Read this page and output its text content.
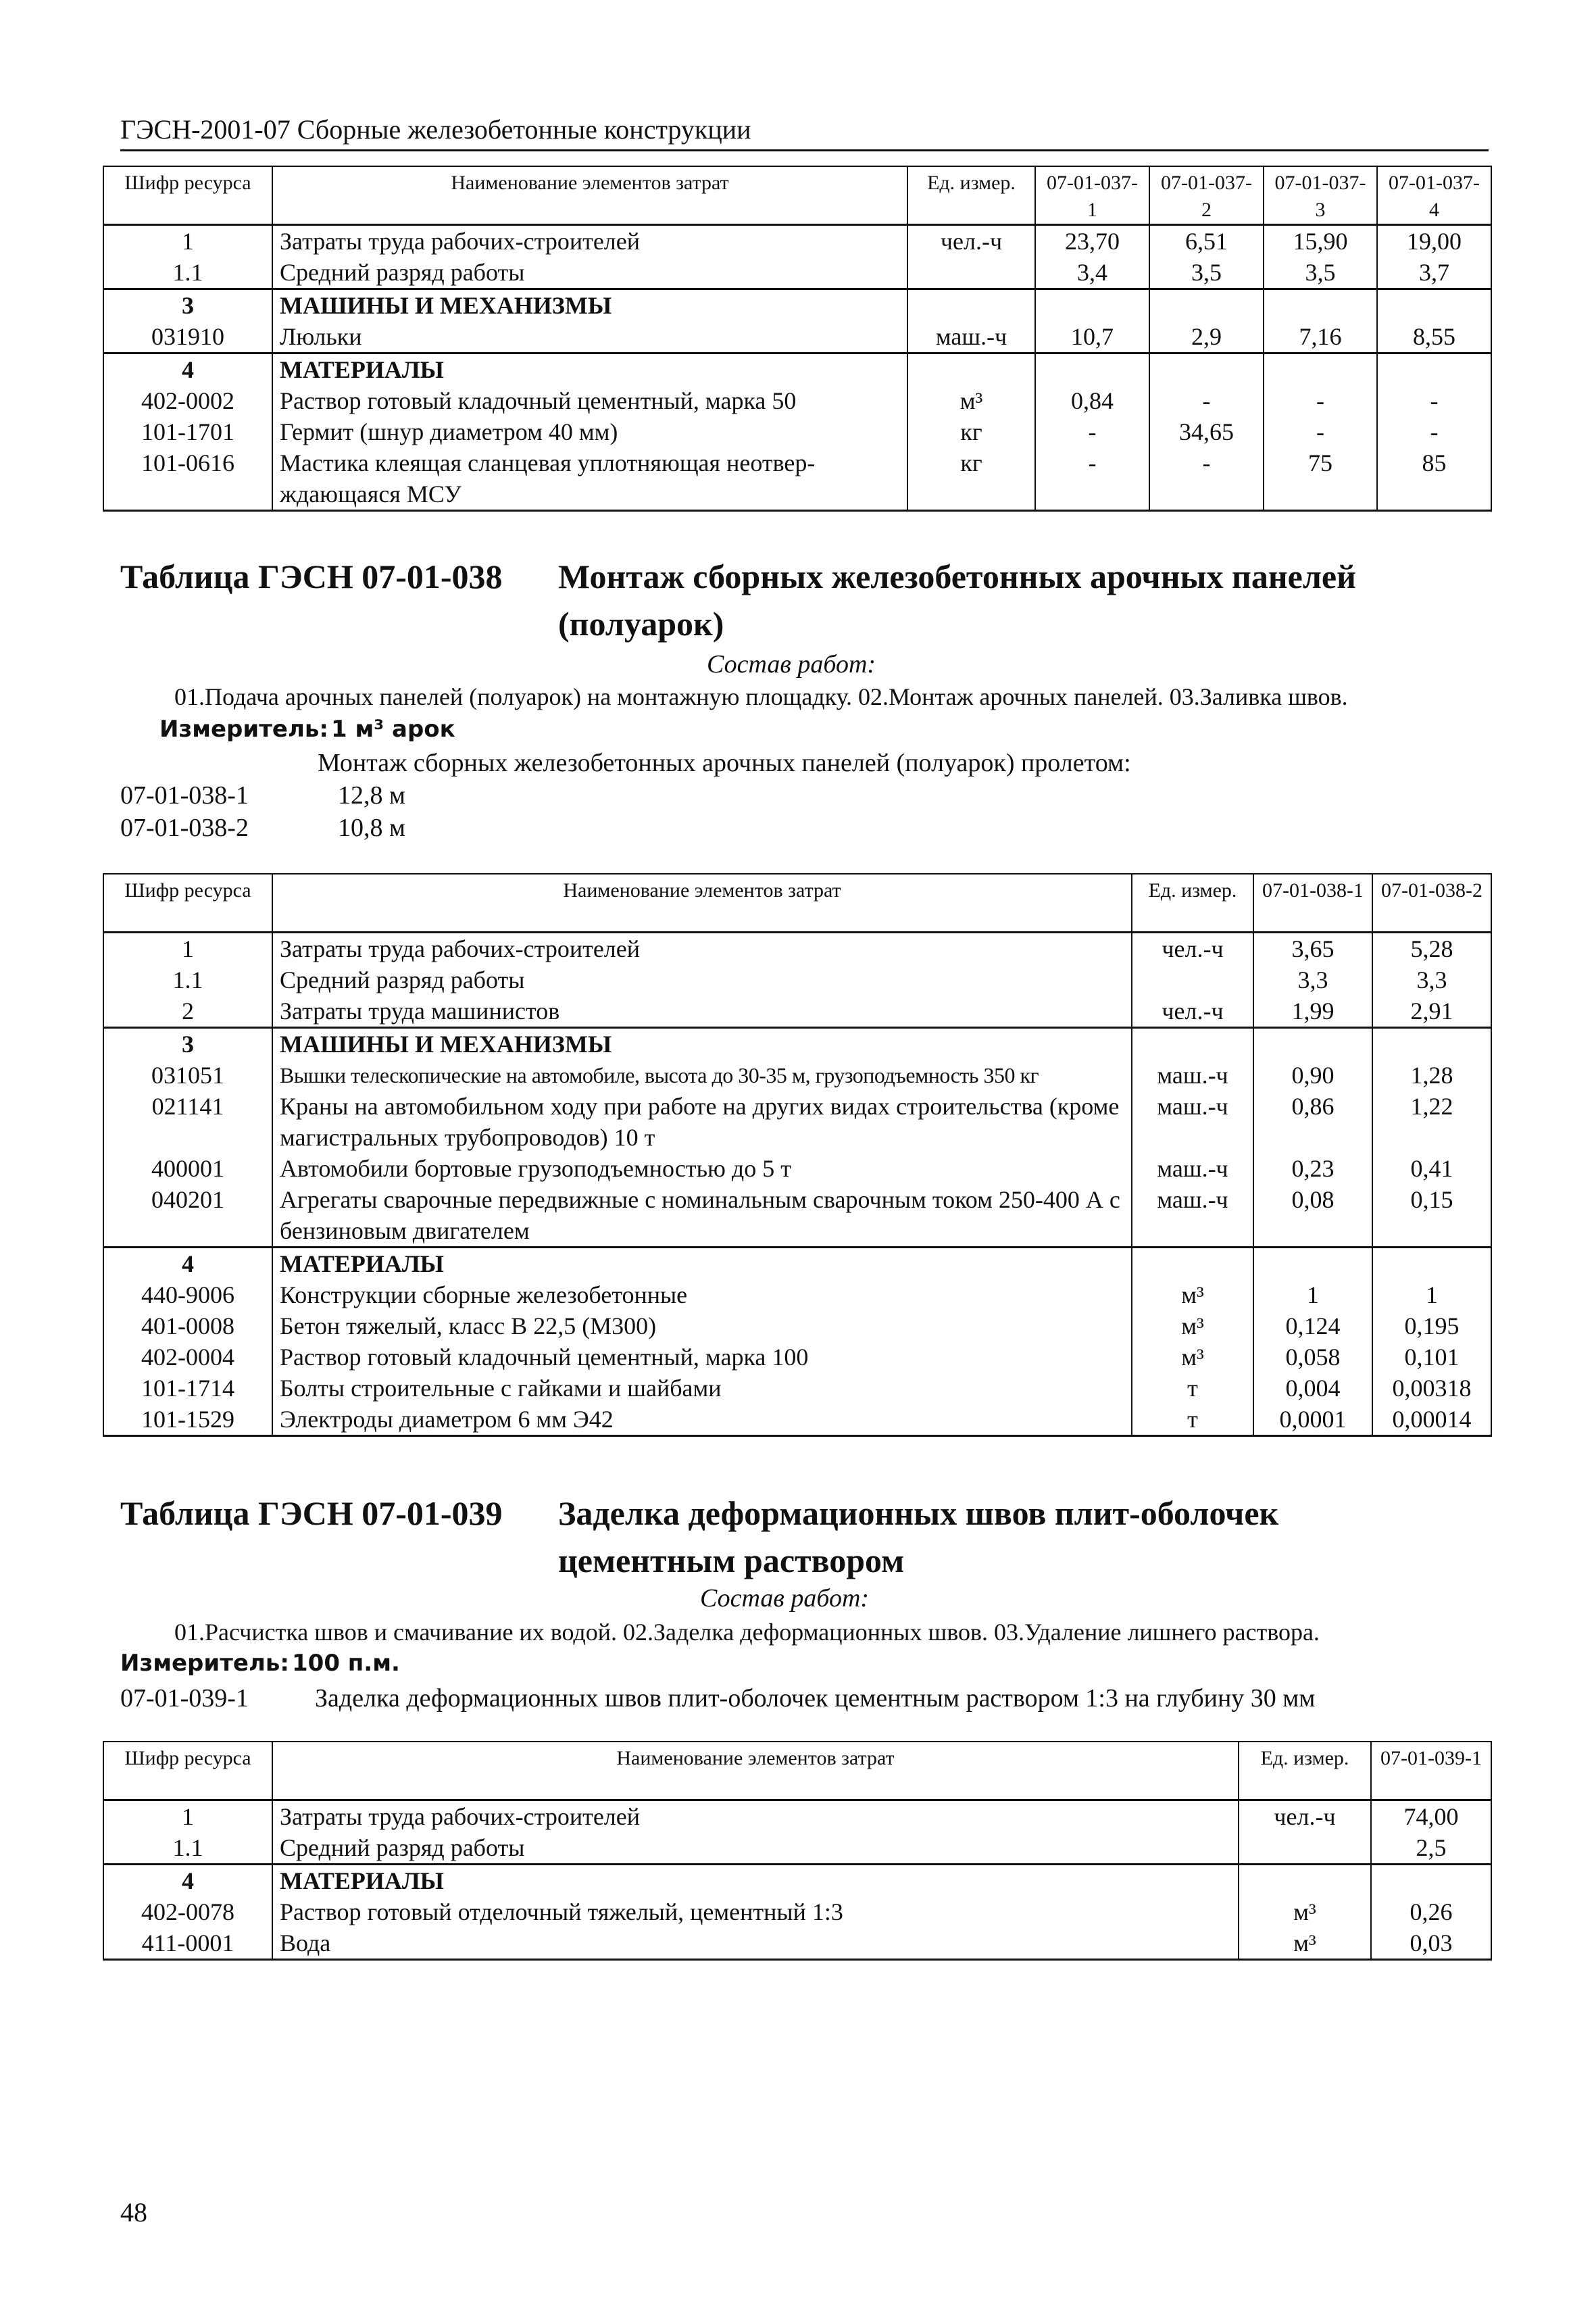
ГЭСН-2001-07 Сборные железобетонные конструкции
Шифр ресурса	Наименование элементов затрат	Ед. измер.	07-01-037-1	07-01-037-2	07-01-037-3	07-01-037-4
1	Затраты труда рабочих-строителей	чел.-ч	23,70	6,51	15,90	19,00
1.1	Средний разряд работы		3,4	3,5	3,5	3,7
3	МАШИНЫ И МЕХАНИЗМЫ					
031910	Люльки	маш.-ч	10,7	2,9	7,16	8,55
4	МАТЕРИАЛЫ					
402-0002	Раствор готовый кладочный цементный, марка 50	м³	0,84	-	-	-
101-1701	Гермит (шнур диаметром 40 мм)	кг	-	34,65	-	-
101-0616	Мастика клеящая сланцевая уплотняющая неотвер-ждающаяся МСУ	кг	-	-	75	85
Таблица ГЭСН 07-01-038 Монтаж сборных железобетонных арочных панелей (полуарок)
Состав работ:
01.Подача арочных панелей (полуарок) на монтажную площадку. 02.Монтаж арочных панелей. 03.Заливка швов.
Измеритель: 1 м³ арок
Монтаж сборных железобетонных арочных панелей (полуарок) пролетом:
07-01-038-1	12,8 м
07-01-038-2	10,8 м
Шифр ресурса	Наименование элементов затрат	Ед. измер.	07-01-038-1	07-01-038-2
1	Затраты труда рабочих-строителей	чел.-ч	3,65	5,28
1.1	Средний разряд работы		3,3	3,3
2	Затраты труда машинистов	чел.-ч	1,99	2,91
3	МАШИНЫ И МЕХАНИЗМЫ			
031051	Вышки телескопические на автомобиле, высота до 30-35 м, грузоподъемность 350 кг	маш.-ч	0,90	1,28
021141	Краны на автомобильном ходу при работе на других видах строительства (кроме магистральных трубопроводов) 10 т	маш.-ч	0,86	1,22
400001	Автомобили бортовые грузоподъемностью до 5 т	маш.-ч	0,23	0,41
040201	Агрегаты сварочные передвижные с номинальным сварочным током 250-400 А с бензиновым двигателем	маш.-ч	0,08	0,15
4	МАТЕРИАЛЫ			
440-9006	Конструкции сборные железобетонные	м³	1	1
401-0008	Бетон тяжелый, класс В 22,5 (М300)	м³	0,124	0,195
402-0004	Раствор готовый кладочный цементный, марка 100	м³	0,058	0,101
101-1714	Болты строительные с гайками и шайбами	т	0,004	0,00318
101-1529	Электроды диаметром 6 мм Э42	т	0,0001	0,00014
Таблица ГЭСН 07-01-039 Заделка деформационных швов плит-оболочек цементным раствором
Состав работ:
01.Расчистка швов и смачивание их водой. 02.Заделка деформационных швов. 03.Удаление лишнего раствора.
Измеритель: 100 п.м.
07-01-039-1	Заделка деформационных швов плит-оболочек цементным раствором 1:3 на глубину 30 мм
Шифр ресурса	Наименование элементов затрат	Ед. измер.	07-01-039-1
1	Затраты труда рабочих-строителей	чел.-ч	74,00
1.1	Средний разряд работы		2,5
4	МАТЕРИАЛЫ		
402-0078	Раствор готовый отделочный тяжелый, цементный 1:3	м³	0,26
411-0001	Вода	м³	0,03
48
